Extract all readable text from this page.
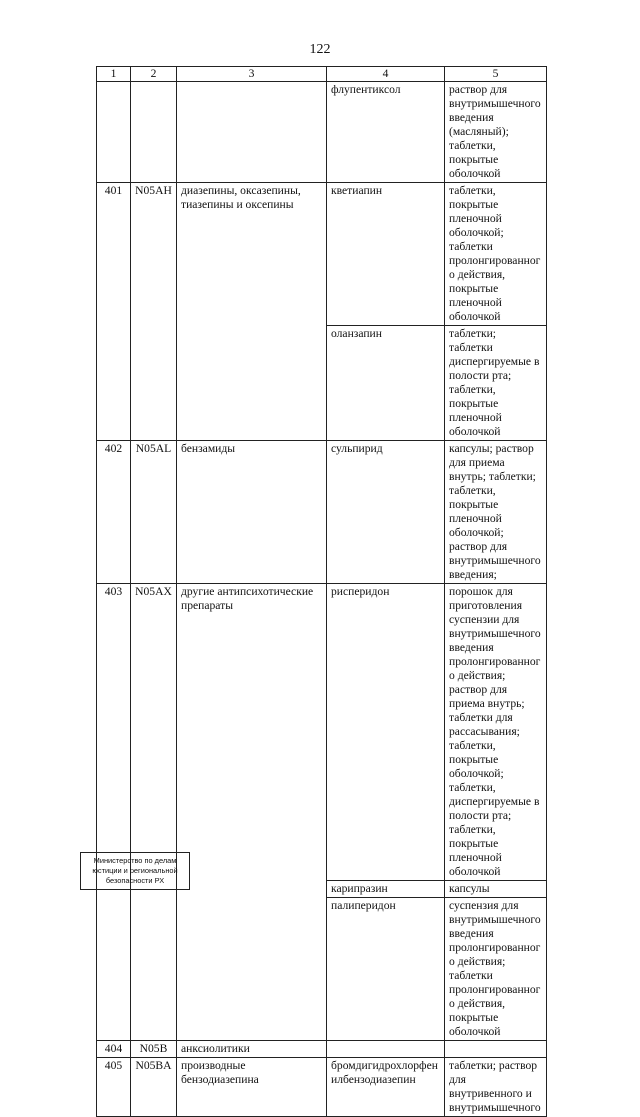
122
1	2	3	4	5
			флупентиксол	раствор для внутримышечного введения (масляный); таблетки, покрытые оболочкой
401	N05AH	диазепины, оксазепины, тиазепины и оксепины	кветиапин	таблетки, покрытые пленочной оболочкой; таблетки пролонгированного действия, покрытые пленочной оболочкой
			оланзапин	таблетки; таблетки диспергируемые в полости рта; таблетки, покрытые пленочной оболочкой
402	N05AL	бензамиды	сульпирид	капсулы; раствор для приема внутрь; таблетки; таблетки, покрытые пленочной оболочкой; раствор для внутримышечного введения;
403	N05AX	другие антипсихотические препараты	рисперидон	порошок для приготовления суспензии для внутримышечного введения пролонгированного действия; раствор для приема внутрь; таблетки для рассасывания; таблетки, покрытые оболочкой; таблетки, диспергируемые в полости рта; таблетки, покрытые пленочной оболочкой
			карипразин	капсулы
			палиперидон	суспензия для внутримышечного введения пролонгированного действия; таблетки пролонгированного действия, покрытые оболочкой
404	N05B	анксиолитики		
405	N05BA	производные бензодиазепина	бромдигидрохлорфенилбензодиазепин	таблетки; раствор для внутривенного и внутримышечного
Министерство по делам
юстиции и региональной
безопасности РХ
